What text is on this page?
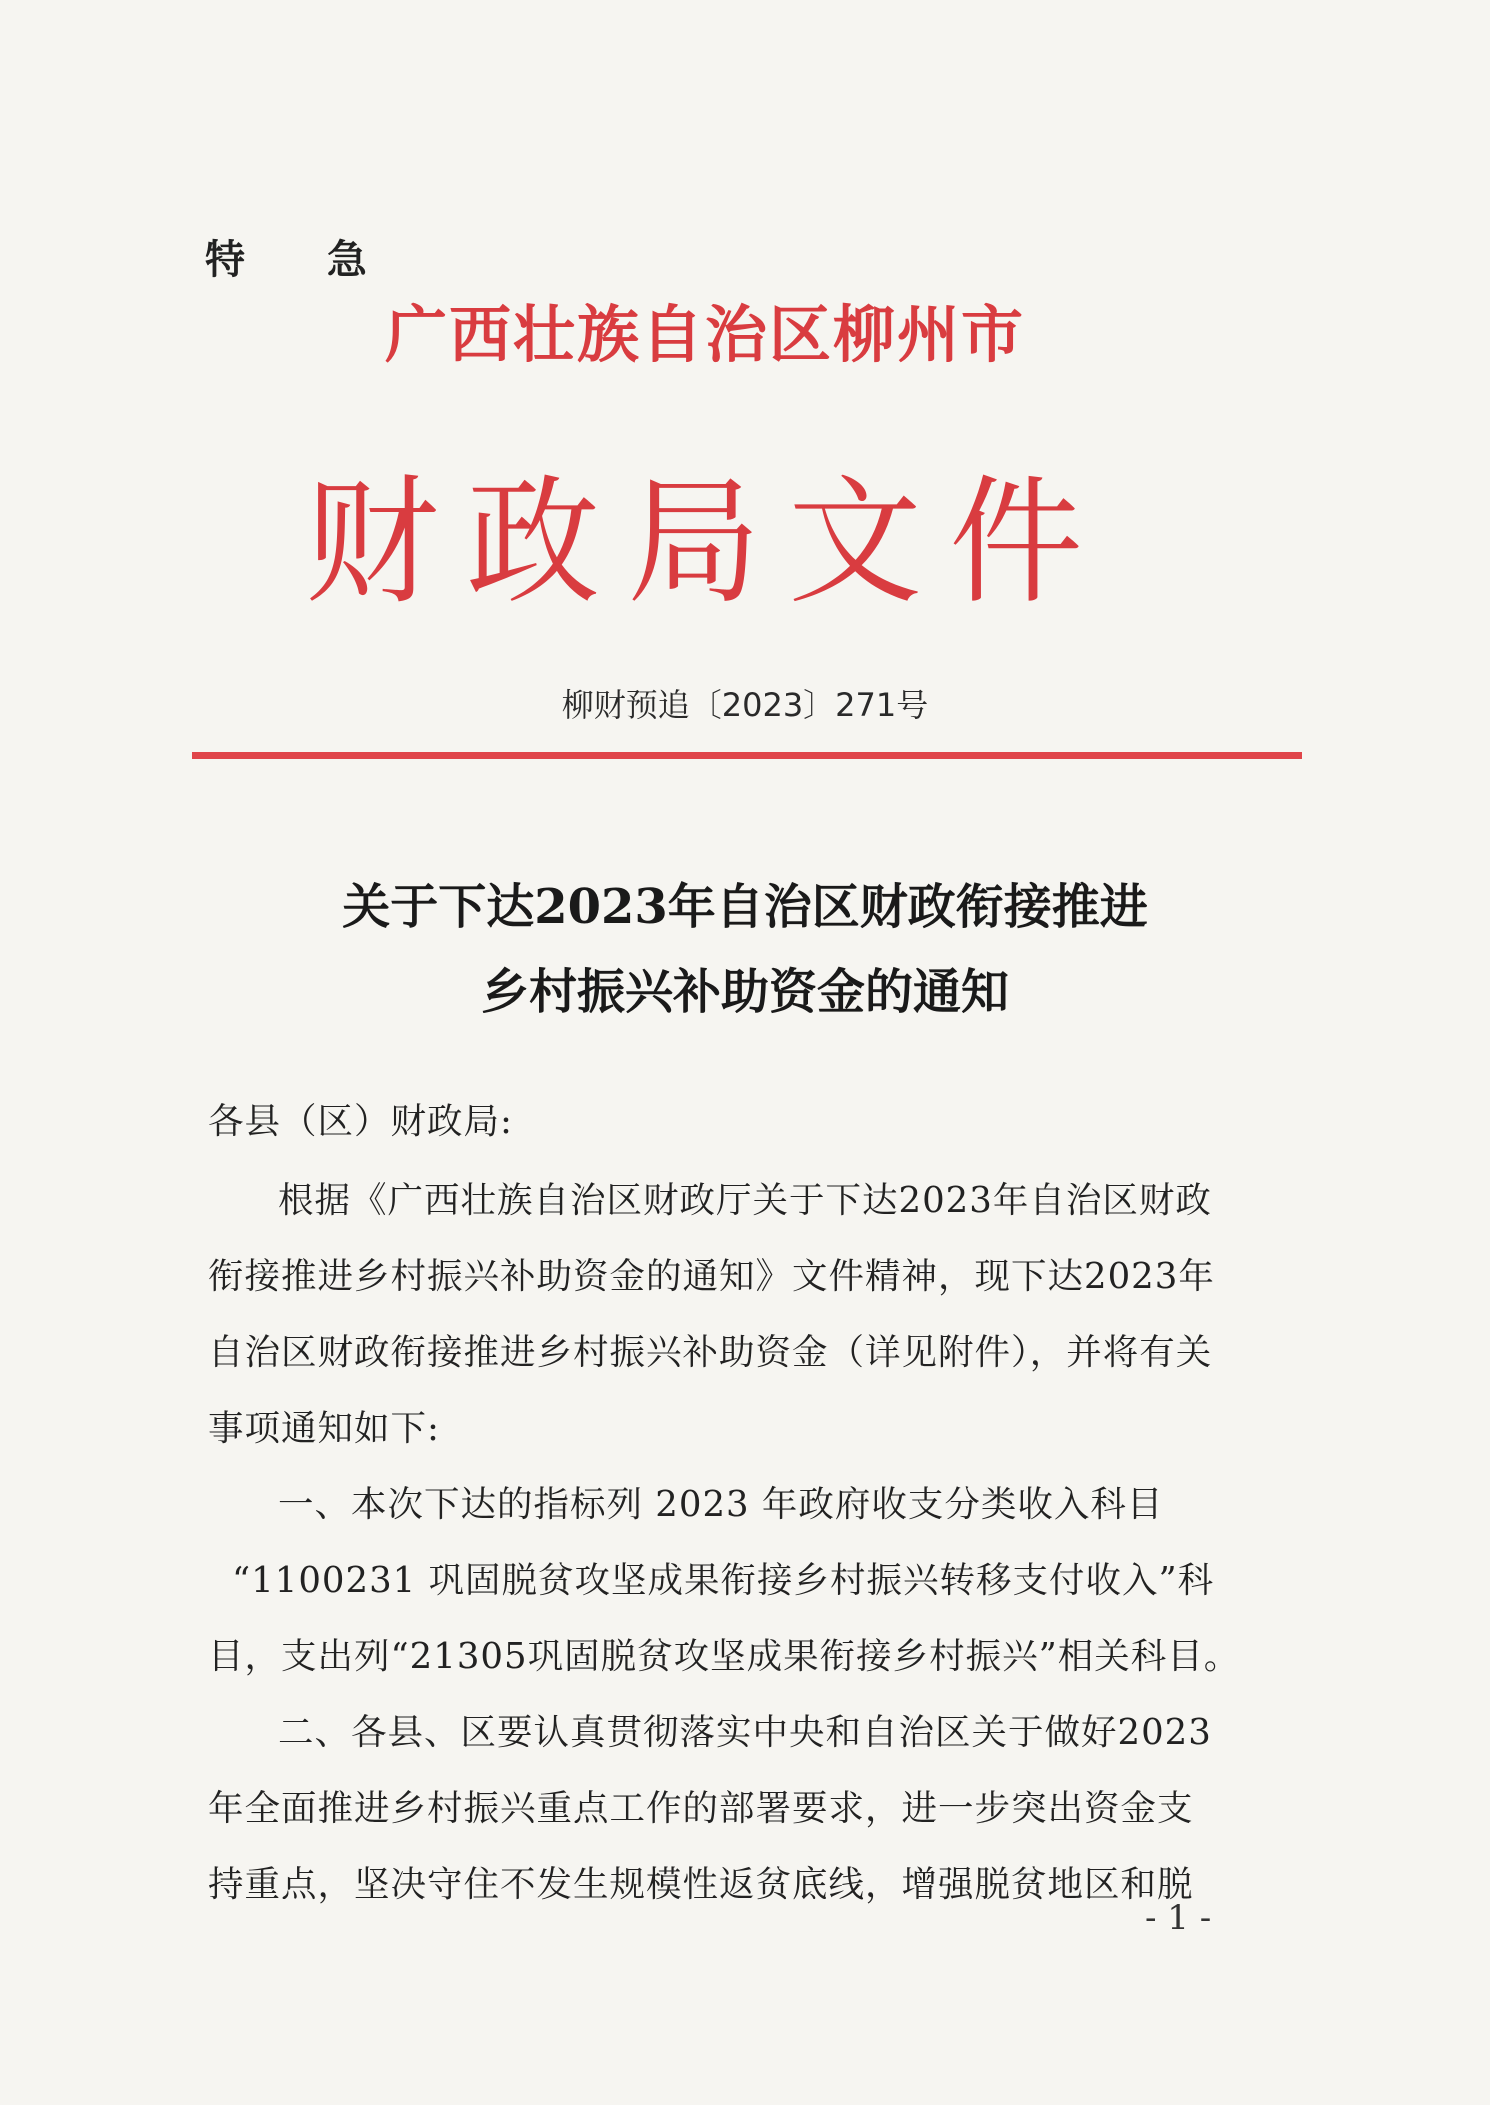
特 急
广西壮族自治区柳州市
财政局文件
柳财预追〔2023〕271号
关于下达2023年自治区财政衔接推进
乡村振兴补助资金的通知
各县（区）财政局:
根据《广西壮族自治区财政厅关于下达2023年自治区财政
衔接推进乡村振兴补助资金的通知》文件精神，现下达2023年
自治区财政衔接推进乡村振兴补助资金（详见附件），并将有关
事项通知如下:
一、本次下达的指标列 2023 年政府收支分类收入科目
“1100231 巩固脱贫攻坚成果衔接乡村振兴转移支付收入”科
目，支出列“21305巩固脱贫攻坚成果衔接乡村振兴”相关科目。
二、各县、区要认真贯彻落实中央和自治区关于做好2023
年全面推进乡村振兴重点工作的部署要求，进一步突出资金支
持重点，坚决守住不发生规模性返贫底线，增强脱贫地区和脱
- 1 -
